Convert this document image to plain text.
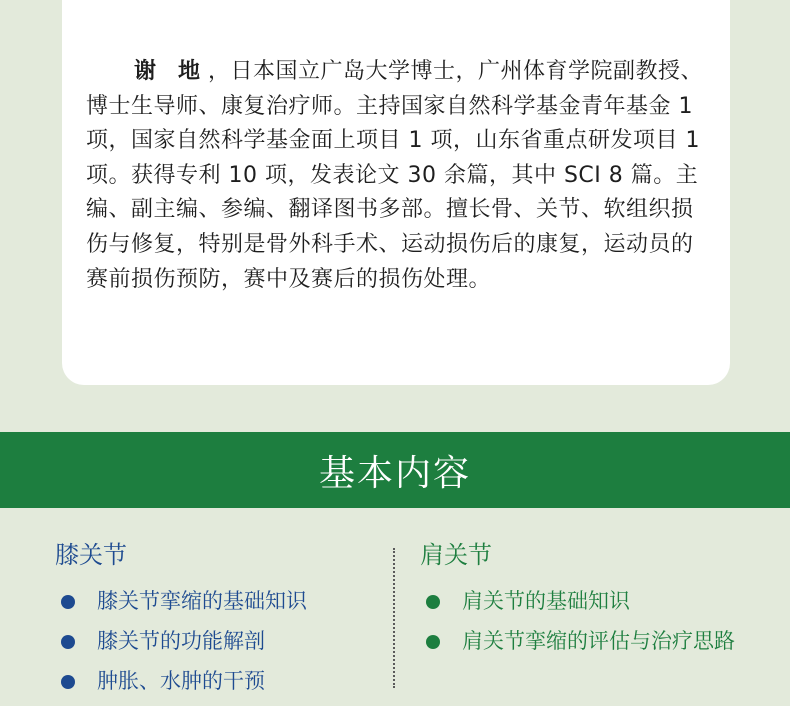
谢地，日本国立广岛大学博士，广州体育学院副教授、博士生导师、康复治疗师。主持国家自然科学基金青年基金 1 项，国家自然科学基金面上项目 1 项，山东省重点研发项目 1 项。获得专利 10 项，发表论文 30 余篇，其中 SCI 8 篇。主编、副主编、参编、翻译图书多部。擅长骨、关节、软组织损伤与修复，特别是骨外科手术、运动损伤后的康复，运动员的赛前损伤预防，赛中及赛后的损伤处理。

基本内容
膝关节
膝关节挛缩的基础知识
膝关节的功能解剖
肿胀、水肿的干预
肩关节
肩关节的基础知识
肩关节挛缩的评估与治疗思路
